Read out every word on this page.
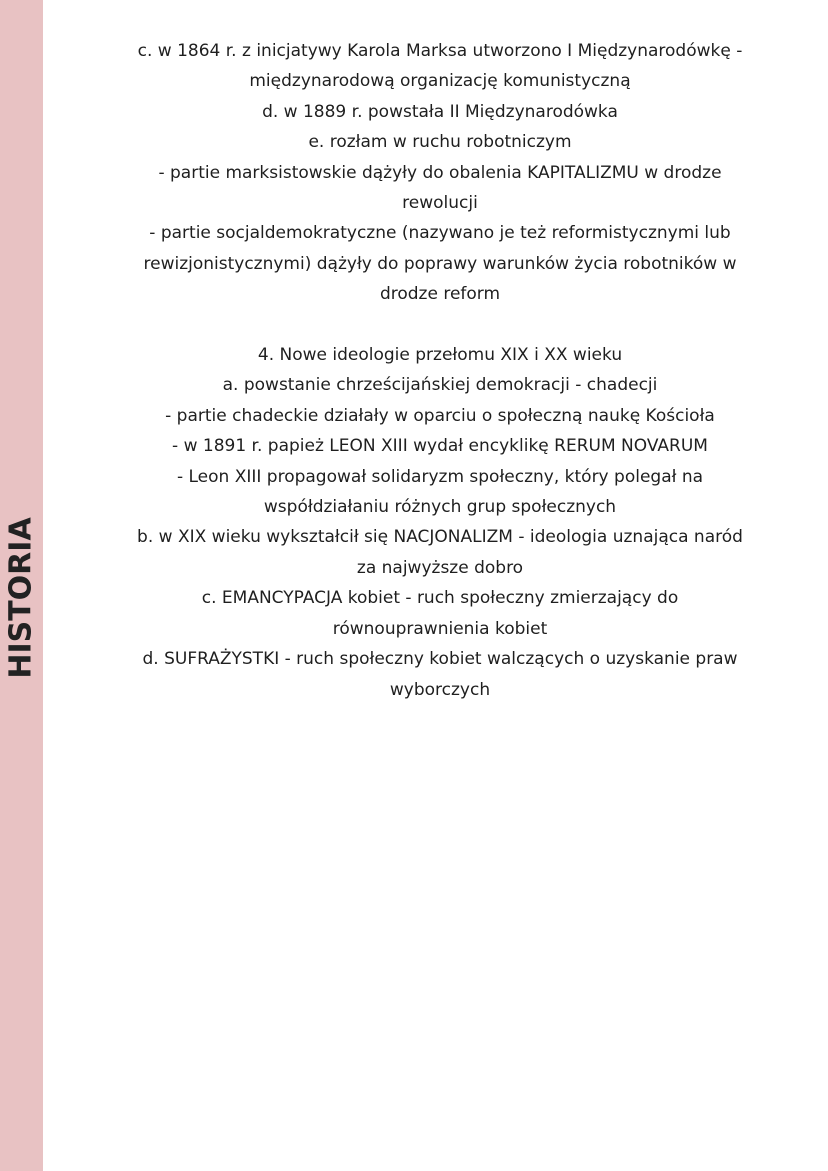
HISTORIA
c. w 1864 r. z inicjatywy Karola Marksa utworzono I Międzynarodówkę -
międzynarodową organizację komunistyczną
d. w 1889 r. powstała II Międzynarodówka
e. rozłam w ruchu robotniczym
- partie marksistowskie dążyły do obalenia KAPITALIZMU w drodze
rewolucji
- partie socjaldemokratyczne (nazywano je też reformistycznymi lub
rewizjonistycznymi) dążyły do poprawy warunków życia robotników w
drodze reform
4. Nowe ideologie przełomu XIX i XX wieku
a. powstanie chrześcijańskiej demokracji - chadecji
- partie chadeckie działały w oparciu o społeczną naukę Kościoła
- w 1891 r. papież LEON XIII wydał encyklikę RERUM NOVARUM
- Leon XIII propagował solidaryzm społeczny, który polegał na
współdziałaniu różnych grup społecznych
b. w XIX wieku wykształcił się NACJONALIZM - ideologia uznająca naród
za najwyższe dobro
c. EMANCYPACJA kobiet - ruch społeczny zmierzający do
równouprawnienia kobiet
d. SUFRAŻYSTKI - ruch społeczny kobiet walczących o uzyskanie praw
wyborczych
